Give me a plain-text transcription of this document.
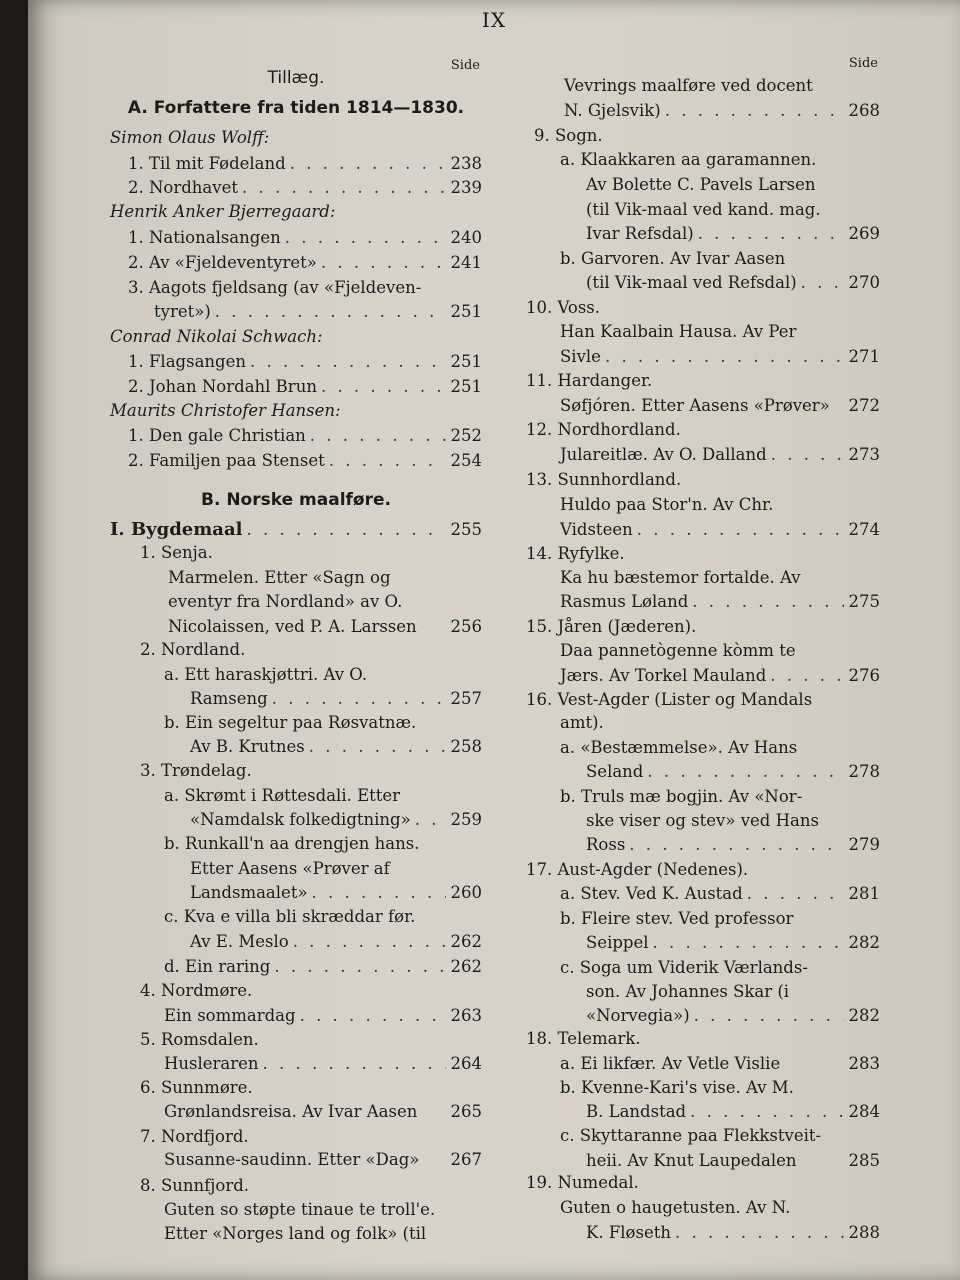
IX
Side
Tillæg.
A. Forfattere fra tiden 1814—1830.
Simon Olaus Wolff:
1. Til mit Fødeland . . .	238
2. Nordhavet . . .	239
Henrik Anker Bjerregaard:
1. Nationalsangen . . .	240
2. Av «Fjeldeventyret» . . .	241
3. Aagots fjeldsang (av «Fjeldeven-
tyret») . . .	251
Conrad Nikolai Schwach:
1. Flagsangen . . .	251
2. Johan Nordahl Brun . . .	251
Maurits Christofer Hansen:
1. Den gale Christian . . .	252
2. Familjen paa Stenset . . .	254
B. Norske maalføre.
I. Bygdemaal . . .	255
1. Senja.
Marmelen. Etter «Sagn og
eventyr fra Nordland» av O.
Nicolaissen, ved P. A. Larssen 256
2. Nordland.
a. Ett haraskjøttri. Av O.
Ramseng . . .	257
b. Ein segeltur paa Røsvatnæ.
Av B. Krutnes . . .	258
3. Trøndelag.
a. Skrømt i Røttesdali. Etter
«Namdalsk folkedigtning» . . . 259
b. Runkall'n aa drengjen hans.
Etter Aasens «Prøver af
Landsmaalet» . . .	260
c. Kva e villa bli skræddar før.
Av E. Meslo . . .	262
d. Ein raring . . .	262
4. Nordmøre.
Ein sommardag . . .	263
5. Romsdalen.
Husleraren . . .	264
6. Sunnmøre.
Grønlandsreisa. Av Ivar Aasen 265
7. Nordfjord.
Susanne-saudinn. Etter «Dag» 267
8. Sunnfjord.
Guten so støpte tinaue te troll'e.
Etter «Norges land og folk» (til
Side
Vevrings maalføre ved docent
N. Gjelsvik) . . .	268
9. Sogn.
a. Klaakkaren aa garamannen.
Av Bolette C. Pavels Larsen
(til Vik-maal ved kand. mag.
Ivar Refsdal) . . .	269
b. Garvoren. Av Ivar Aasen
(til Vik-maal ved Refsdal) . . .	270
10. Voss.
Han Kaalbain Hausa. Av Per
Sivle . . .	271
11. Hardanger.
Søfjóren. Etter Aasens «Prøver» 272
12. Nordhordland.
Julareitlæ. Av O. Dalland . . .	273
13. Sunnhordland.
Huldo paa Stor'n. Av Chr.
Vidsteen . . .	274
14. Ryfylke.
Ka hu bæstemor fortalde. Av
Rasmus Løland . . .	275
15. Jåren (Jæderen).
Daa pannetògenne kòmm te
Jærs. Av Torkel Mauland . . .	276
16. Vest-Agder (Lister og Mandals
amt).
a. «Bestæmmelse». Av Hans
Seland . . .	278
b. Truls mæ bogjin. Av «Nor-
ske viser og stev» ved Hans
Ross . . .	279
17. Aust-Agder (Nedenes).
a. Stev. Ved K. Austad . . .	281
b. Fleire stev. Ved professor
Seippel . . .	282
c. Soga um Viderik Værlands-
son. Av Johannes Skar (i
«Norvegia») . . .	282
18. Telemark.
a. Ei likfær. Av Vetle Vislie	283
b. Kvenne-Kari's vise. Av M.
B. Landstad . . .	284
c. Skyttaranne paa Flekkstveit-
heii. Av Knut Laupedalen	285
19. Numedal.
Guten o haugetusten. Av N.
K. Fløseth . . .	288
